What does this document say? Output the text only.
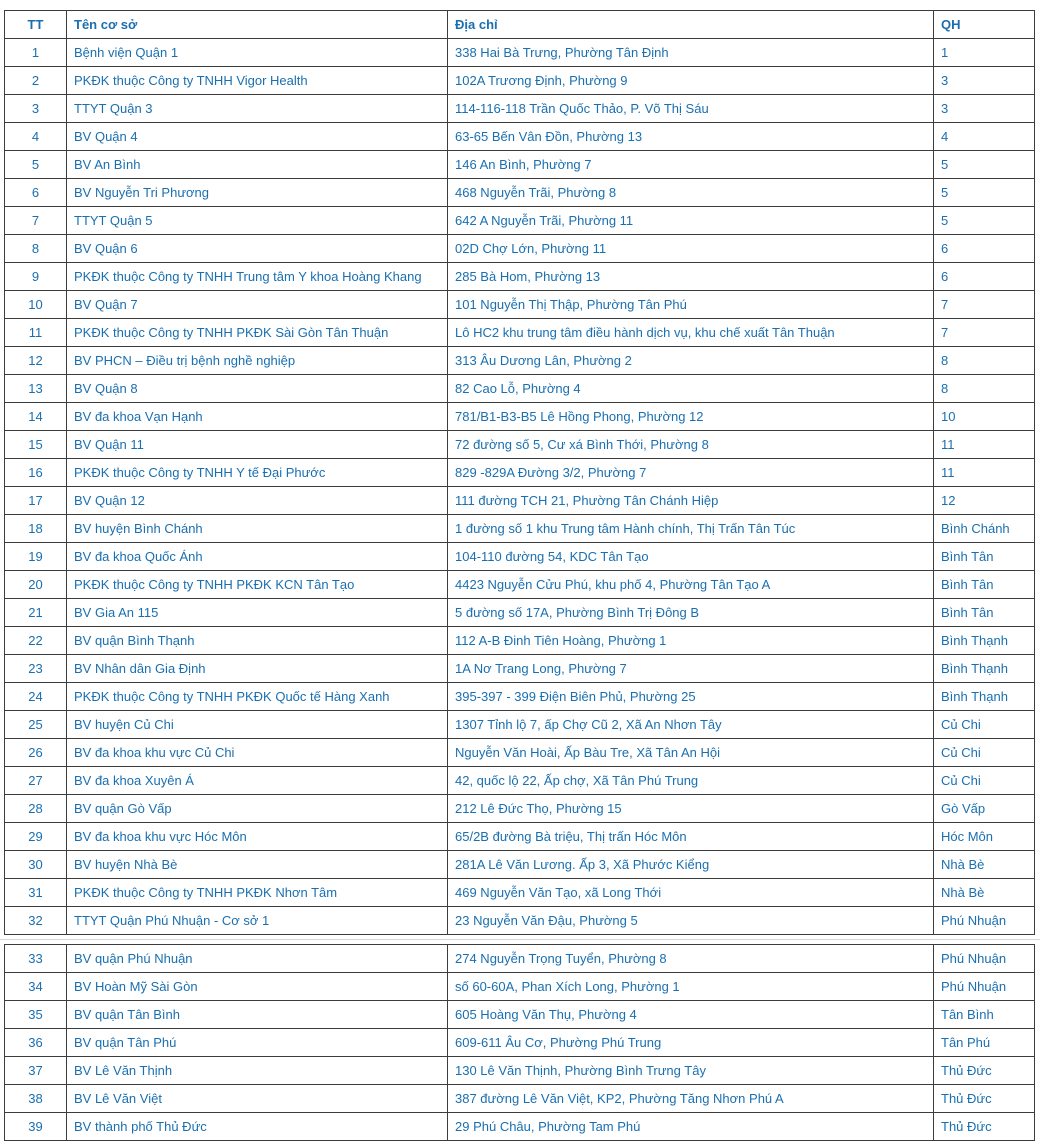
TT	Tên cơ sở	Địa chỉ	QH
1	Bệnh viện Quận 1	338 Hai Bà Trưng, Phường Tân Định	1
2	PKĐK thuộc Công ty TNHH Vigor Health	102A Trương Định, Phường 9	3
3	TTYT Quận 3	114-116-118 Trần Quốc Thảo, P. Võ Thị Sáu	3
4	BV Quận 4	63-65 Bến Vân Đồn, Phường 13	4
5	BV An Bình	146 An Bình, Phường 7	5
6	BV Nguyễn Tri Phương	468 Nguyễn Trãi, Phường 8	5
7	TTYT Quận 5	642 A Nguyễn Trãi, Phường 11	5
8	BV Quận 6	02D Chợ Lớn, Phường 11	6
9	PKĐK thuộc Công ty TNHH Trung tâm Y khoa Hoàng Khang	285 Bà Hom, Phường 13	6
10	BV Quận 7	101 Nguyễn Thị Thập, Phường Tân Phú	7
11	PKĐK thuộc Công ty TNHH PKĐK Sài Gòn Tân Thuận	Lô HC2 khu trung tâm điều hành dịch vụ, khu chế xuất Tân Thuận	7
12	BV PHCN – Điều trị bệnh nghề nghiệp	313 Âu Dương Lân, Phường 2	8
13	BV Quận 8	82 Cao Lỗ, Phường 4	8
14	BV đa khoa Vạn Hạnh	781/B1-B3-B5 Lê Hồng Phong, Phường 12	10
15	BV Quận 11	72 đường số 5, Cư xá Bình Thới, Phường 8	11
16	PKĐK thuộc Công ty TNHH Y tế Đại Phước	829 -829A Đường 3/2, Phường 7	11
17	BV Quận 12	111 đường TCH 21, Phường Tân Chánh Hiệp	12
18	BV huyện Bình Chánh	1 đường số 1 khu Trung tâm Hành chính, Thị Trấn Tân Túc	Bình Chánh
19	BV đa khoa Quốc Ánh	104-110 đường 54, KDC Tân Tạo	Bình Tân
20	PKĐK thuộc Công ty TNHH PKĐK KCN Tân Tạo	4423 Nguyễn Cửu Phú, khu phố 4, Phường Tân Tạo A	Bình Tân
21	BV Gia An 115	5 đường số 17A, Phường Bình Trị Đông B	Bình Tân
22	BV quận Bình Thạnh	112 A-B Đinh Tiên Hoàng, Phường 1	Bình Thạnh
23	BV Nhân dân Gia Định	1A Nơ Trang Long, Phường 7	Bình Thạnh
24	PKĐK thuộc Công ty TNHH PKĐK Quốc tế Hàng Xanh	395-397 - 399 Điện Biên Phủ, Phường 25	Bình Thạnh
25	BV huyện Củ Chi	1307 Tỉnh lộ 7, ấp Chợ Cũ 2, Xã An Nhơn Tây	Củ Chi
26	BV đa khoa khu vực Củ Chi	Nguyễn Văn Hoài, Ấp Bàu Tre, Xã Tân An Hội	Củ Chi
27	BV đa khoa Xuyên Á	42, quốc lộ 22, Ấp chợ, Xã Tân Phú Trung	Củ Chi
28	BV quận Gò Vấp	212 Lê Đức Thọ, Phường 15	Gò Vấp
29	BV đa khoa khu vực Hóc Môn	65/2B đường Bà triệu, Thị trấn Hóc Môn	Hóc Môn
30	BV huyện Nhà Bè	281A Lê Văn Lương. Ấp 3, Xã Phước Kiểng	Nhà Bè
31	PKĐK thuộc Công ty TNHH PKĐK Nhơn Tâm	469 Nguyễn Văn Tạo, xã Long Thới	Nhà Bè
32	TTYT Quận Phú Nhuận - Cơ sở 1	23 Nguyễn Văn Đậu, Phường 5	Phú Nhuận
33	BV quận Phú Nhuận	274 Nguyễn Trọng Tuyển, Phường 8	Phú Nhuận
34	BV Hoàn Mỹ Sài Gòn	số 60-60A, Phan Xích Long, Phường 1	Phú Nhuận
35	BV quận Tân Bình	605 Hoàng Văn Thụ, Phường 4	Tân Bình
36	BV quận Tân Phú	609-611 Âu Cơ, Phường Phú Trung	Tân Phú
37	BV Lê Văn Thịnh	130 Lê Văn Thịnh, Phường Bình Trưng Tây	Thủ Đức
38	BV Lê Văn Việt	387 đường Lê Văn Việt, KP2, Phường Tăng Nhơn Phú A	Thủ Đức
39	BV thành phố Thủ Đức	29 Phú Châu, Phường Tam Phú	Thủ Đức
